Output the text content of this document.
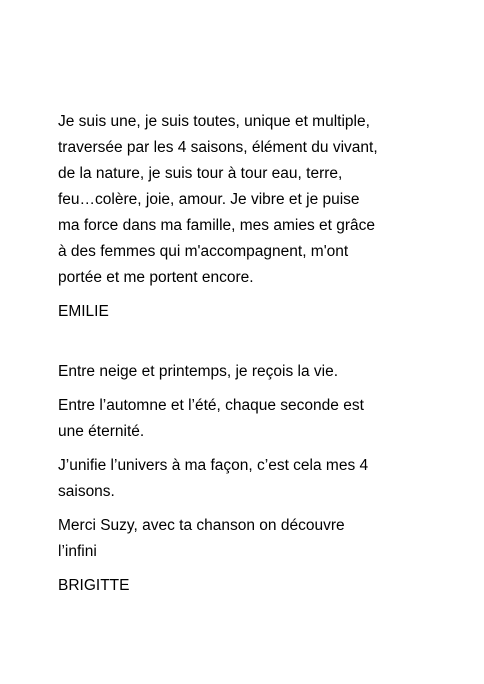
Je suis une, je suis toutes, unique et multiple,
traversée par les 4 saisons, élément du vivant,
de la nature, je suis tour à tour eau, terre,
feu…colère, joie, amour. Je vibre et je puise
ma force dans ma famille, mes amies et grâce
à des femmes qui m'accompagnent, m'ont
portée et me portent encore.
EMILIE
Entre neige et printemps, je reçois la vie.
Entre l’automne et l’été, chaque seconde est
une éternité.
J’unifie l’univers à ma façon, c’est cela mes 4
saisons.
Merci Suzy, avec ta chanson on découvre
l’infini
BRIGITTE
